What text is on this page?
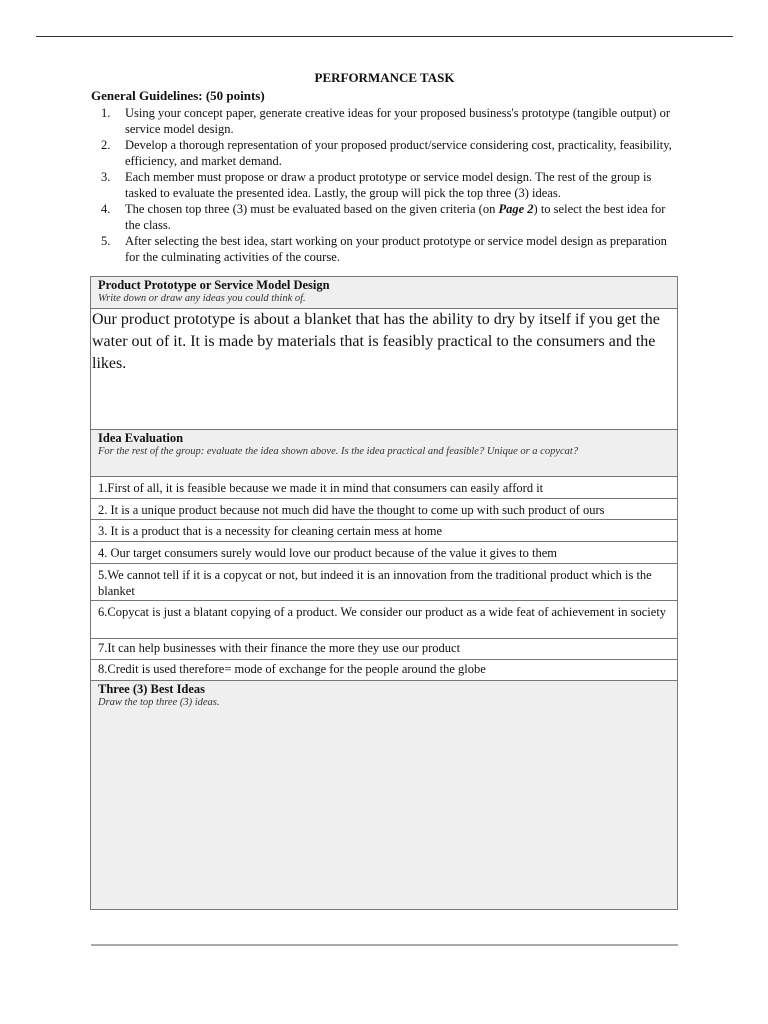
PERFORMANCE TASK
General Guidelines: (50 points)
1. Using your concept paper, generate creative ideas for your proposed business's prototype (tangible output) or service model design.
2. Develop a thorough representation of your proposed product/service considering cost, practicality, feasibility, efficiency, and market demand.
3. Each member must propose or draw a product prototype or service model design. The rest of the group is tasked to evaluate the presented idea. Lastly, the group will pick the top three (3) ideas.
4. The chosen top three (3) must be evaluated based on the given criteria (on Page 2) to select the best idea for the class.
5. After selecting the best idea, start working on your product prototype or service model design as preparation for the culminating activities of the course.
Product Prototype or Service Model Design
Write down or draw any ideas you could think of.
Our product prototype is about a blanket that has the ability to dry by itself if you get the water out of it. It is made by materials that is feasibly practical to the consumers and the likes.
Idea Evaluation
For the rest of the group: evaluate the idea shown above. Is the idea practical and feasible? Unique or a copycat?
1.First of all, it is feasible because we made it in mind that consumers can easily afford it
2. It is a unique product because not much did have the thought to come up with such product of ours
3. It is a product that is a necessity for cleaning certain mess at home
4. Our target consumers surely would love our product because of the value it gives to them
5.We cannot tell if it is a copycat or not, but indeed it is an innovation from the traditional product which is the blanket
6.Copycat is just a blatant copying of a product. We consider our product as a wide feat of achievement in society
7.It can help businesses with their finance the more they use our product
8.Credit is used therefore= mode of exchange for the people around the globe
Three (3) Best Ideas
Draw the top three (3) ideas.
